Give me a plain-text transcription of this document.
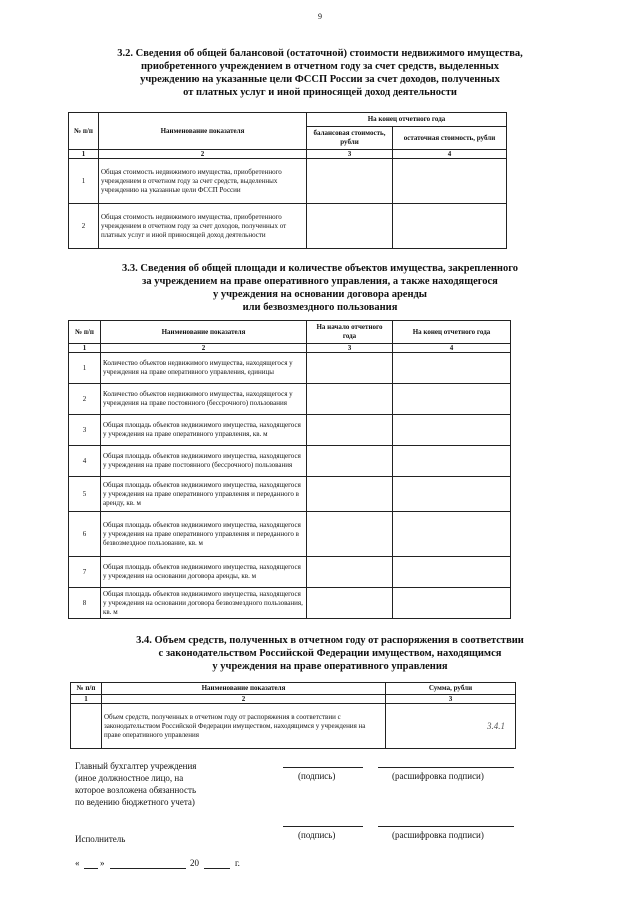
9
3.2. Сведения об общей балансовой (остаточной) стоимости недвижимого имущества,
приобретенного учреждением в отчетном году за счет средств, выделенных
учреждению на указанные цели ФССП России за счет доходов, полученных
от платных услуг и иной приносящей доход деятельности
№ п/п	Наименование показателя	На конец отчетного года	
		балансовая стоимость, рубли	остаточная стоимость, рубли
1	2	3	4
1	Общая стоимость недвижимого имущества, приобретенного учреждением в отчетном году за счет средств, выделенных учреждению на указанные цели ФССП России		
2	Общая стоимость недвижимого имущества, приобретенного учреждением в отчетном году за счет доходов, полученных от платных услуг и иной приносящей доход деятельности		
3.3. Сведения об общей площади и количестве объектов имущества, закрепленного
за учреждением на праве оперативного управления, а также находящегося
у учреждения на основании договора аренды
или безвозмездного пользования
№ п/п	Наименование показателя	На начало отчетного года	На конец отчетного года
1	2	3	4
1	Количество объектов недвижимого имущества, находящегося у учреждения на праве оперативного управления, единицы		
2	Количество объектов недвижимого имущества, находящегося у учреждения на праве постоянного (бессрочного) пользования		
3	Общая площадь объектов недвижимого имущества, находящегося у учреждения на праве оперативного управления, кв. м		
4	Общая площадь объектов недвижимого имущества, находящегося у учреждения на праве постоянного (бессрочного) пользования		
5	Общая площадь объектов недвижимого имущества, находящегося у учреждения на праве оперативного управления и переданного в аренду, кв. м		
6	Общая площадь объектов недвижимого имущества, находящегося у учреждения на праве оперативного управления и переданного в безвозмездное пользование, кв. м		
7	Общая площадь объектов недвижимого имущества, находящегося у учреждения на основании договора аренды, кв. м		
8	Общая площадь объектов недвижимого имущества, находящегося у учреждения на основании договора безвозмездного пользования, кв. м		
3.4. Объем средств, полученных в отчетном году от распоряжения в соответствии
с законодательством Российской Федерации имуществом, находящимся
у учреждения на праве оперативного управления
№ п/п	Наименование показателя	Сумма, рубли
1	2	3
	Объем средств, полученных в отчетном году от распоряжения в соответствии с законодательством Российской Федерации имуществом, находящимся у учреждения на праве оперативного управления	3.4.1
Главный бухгалтер учреждения
(иное должностное лицо, на
которое возложена обязанность
по ведению бюджетного учета)
(подпись)	(расшифровка подписи)
Исполнитель	(подпись)	(расшифровка подписи)
« »	20	г.
